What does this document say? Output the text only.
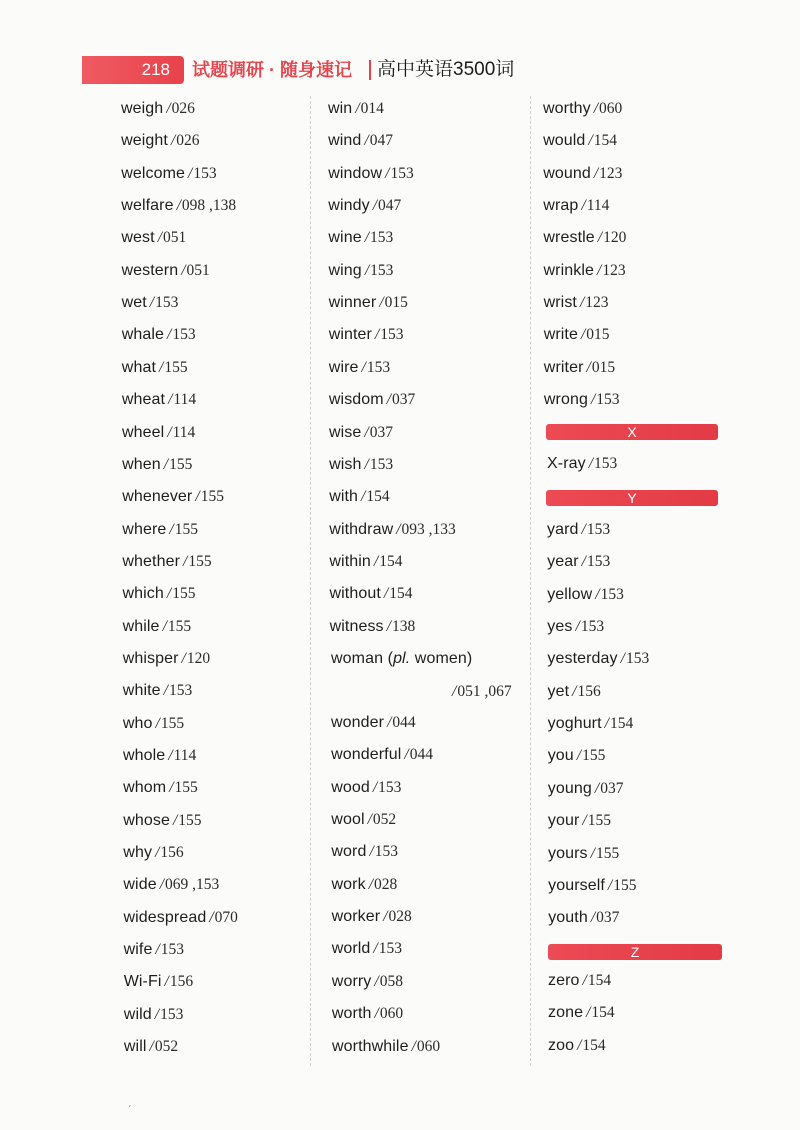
218	试题调研 · 随身速记 高中英语3500词
weigh / 026
weight / 026
welcome / 153
welfare / 098 ,138
west / 051
western / 051
wet / 153
whale / 153
what / 155
wheat / 114
wheel / 114
when / 155
whenever / 155
where / 155
whether / 155
which / 155
while / 155
whisper / 120
white / 153
who / 155
whole / 114
whom / 155
whose / 155
why / 156
wide / 069 ,153
widespread / 070
wife / 153
Wi-Fi / 156
wild / 153
will / 052
win / 014
wind / 047
window / 153
windy / 047
wine / 153
wing / 153
winner / 015
winter / 153
wire / 153
wisdom / 037
wise / 037
wish / 153
with / 154
withdraw / 093 ,133
within / 154
without / 154
witness / 138
wonder / 044
wonderful / 044
wood / 153
wool / 052
word / 153
work / 028
worker / 028
world / 153
worry / 058
worth / 060
worthwhile / 060
worthy / 060
would / 154
wound / 123
wrap / 114
wrestle / 120
wrinkle / 123
wrist / 123
write / 015
writer / 015
wrong / 153
X-ray / 153
yard / 153
year / 153
yellow / 153
yes / 153
yesterday / 153
yet / 156
yoghurt / 154
you / 155
young / 037
your / 155
yours / 155
yourself / 155
youth / 037
zero / 154
zone / 154
zoo / 154
woman (pl. women)
/ 051 ,067
X
Y
Z
ˊ
